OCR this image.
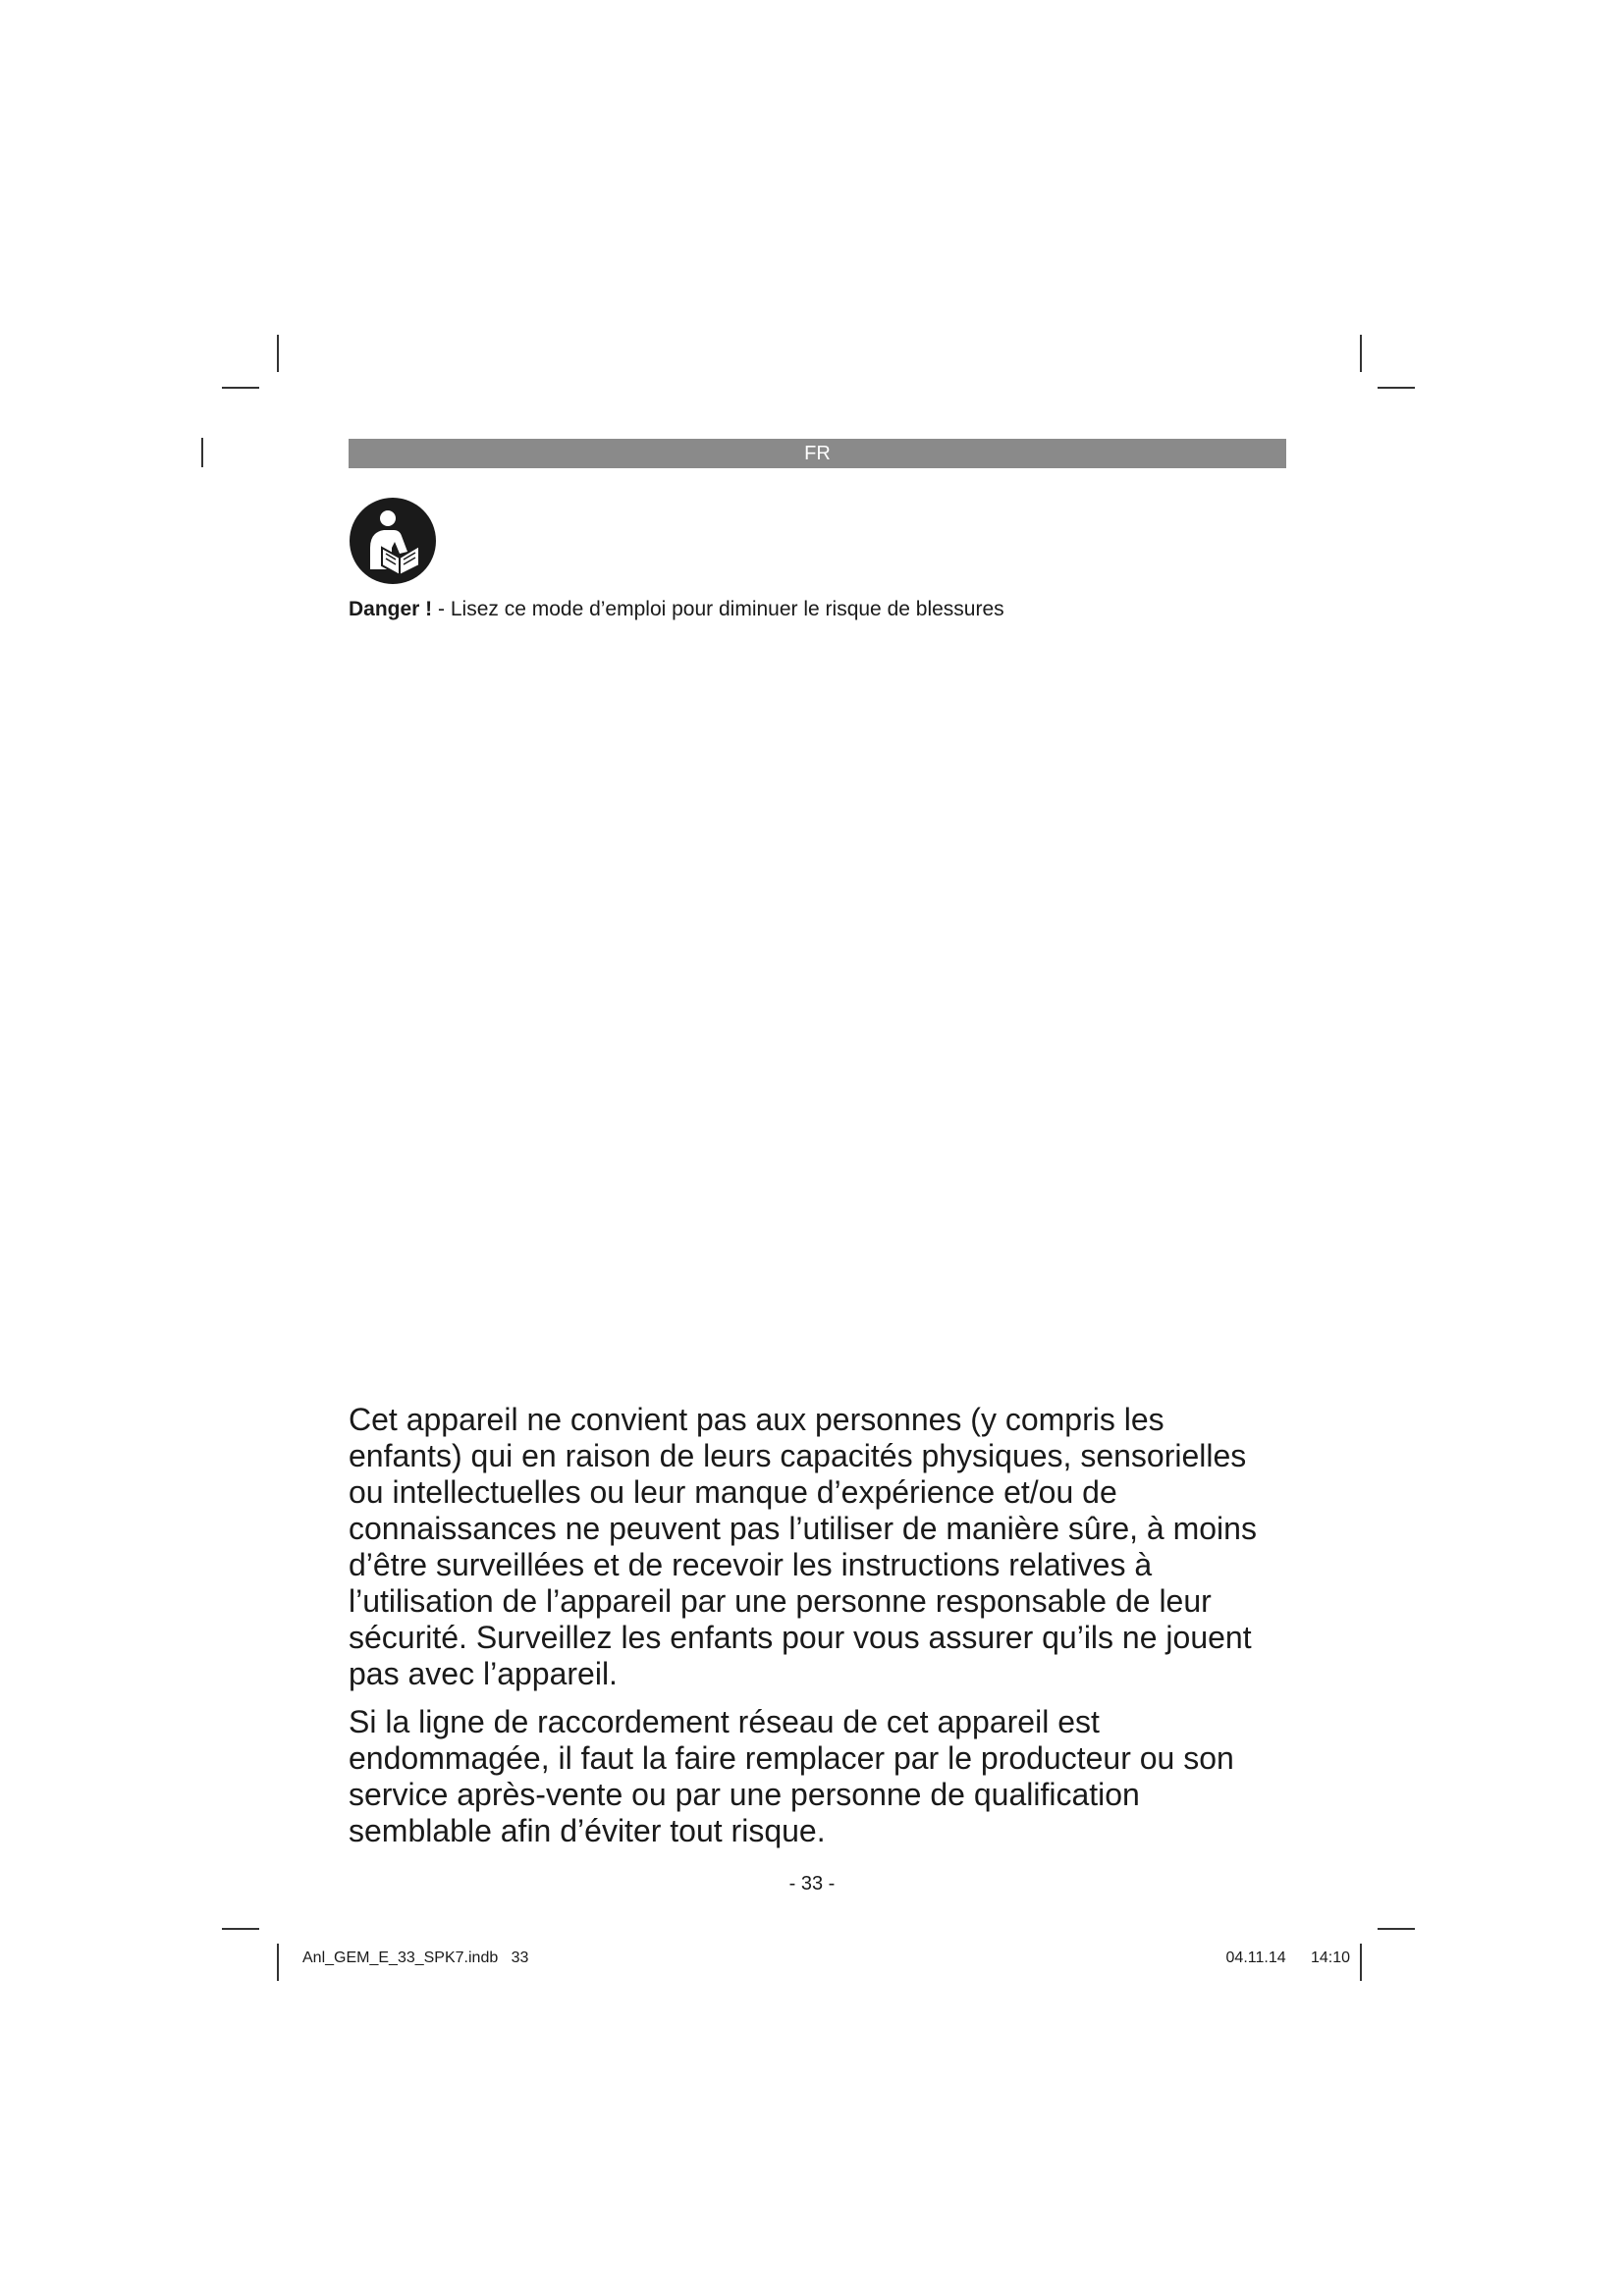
FR
Danger ! - Lisez ce mode d’emploi pour diminuer le risque de blessures

Cet appareil ne convient pas aux personnes (y compris les enfants) qui en raison de leurs capacités physiques, sensorielles ou intellectuelles ou leur manque d’expérience et/ou de connaissances ne peuvent pas l’utiliser de manière sûre, à moins d’être surveillées et de recevoir les instructions relatives à l’utilisation de l’appareil par une personne responsable de leur sécurité. Surveillez les enfants pour vous assurer qu’ils ne jouent pas avec l’appareil.

Si la ligne de raccordement réseau de cet appareil est endommagée, il faut la faire remplacer par le producteur ou son service après-vente ou par une personne de qualification semblable afin d’éviter tout risque.

- 33 -
Anl_GEM_E_33_SPK7.indb   33	04.11.14   14:10
